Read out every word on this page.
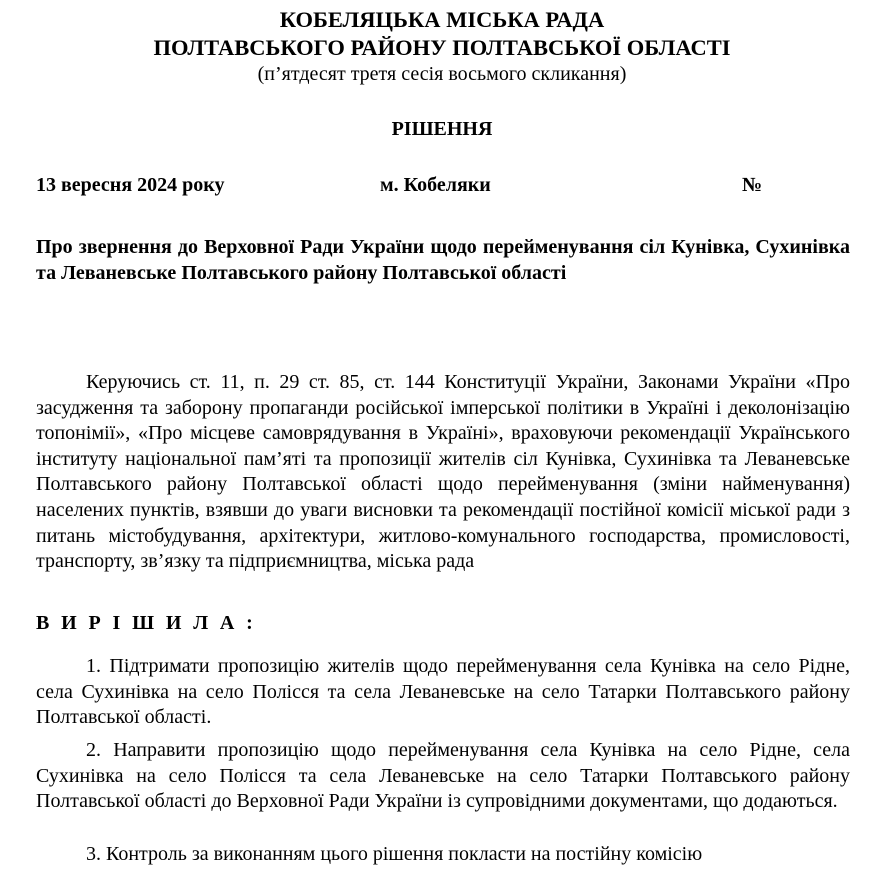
КОБЕЛЯЦЬКА МІСЬКА РАДА
ПОЛТАВСЬКОГО РАЙОНУ ПОЛТАВСЬКОЇ ОБЛАСТІ
(п’ятдесят третя сесія восьмого скликання)
РІШЕННЯ
13 вересня 2024 року	м. Кобеляки	№
Про звернення до Верховної Ради України щодо перейменування сіл Кунівка, Сухинівка та Леваневське Полтавського району Полтавської області
Керуючись ст. 11, п. 29 ст. 85, ст. 144 Конституції України, Законами України «Про засудження та заборону пропаганди російської імперської політики в Україні і деколонізацію топонімії», «Про місцеве самоврядування в Україні», враховуючи рекомендації Українського інституту національної пам’яті та пропозиції жителів сіл Кунівка, Сухинівка та Леваневське Полтавського району Полтавської області щодо перейменування (зміни найменування) населених пунктів, взявши до уваги висновки та рекомендації постійної комісії міської ради з питань містобудування, архітектури, житлово-комунального господарства, промисловості, транспорту, зв’язку та підприємництва, міська рада
В И Р І Ш И Л А :
1. Підтримати пропозицію жителів щодо перейменування села Кунівка на село Рідне, села Сухинівка на село Полісся та села Леваневське на село Татарки Полтавського району Полтавської області.
2. Направити пропозицію щодо перейменування села Кунівка на село Рідне, села Сухинівка на село Полісся та села Леваневське на село Татарки Полтавського району Полтавської області до Верховної Ради України із супровідними документами, що додаються.
3. Контроль за виконанням цього рішення покласти на постійну комісію
